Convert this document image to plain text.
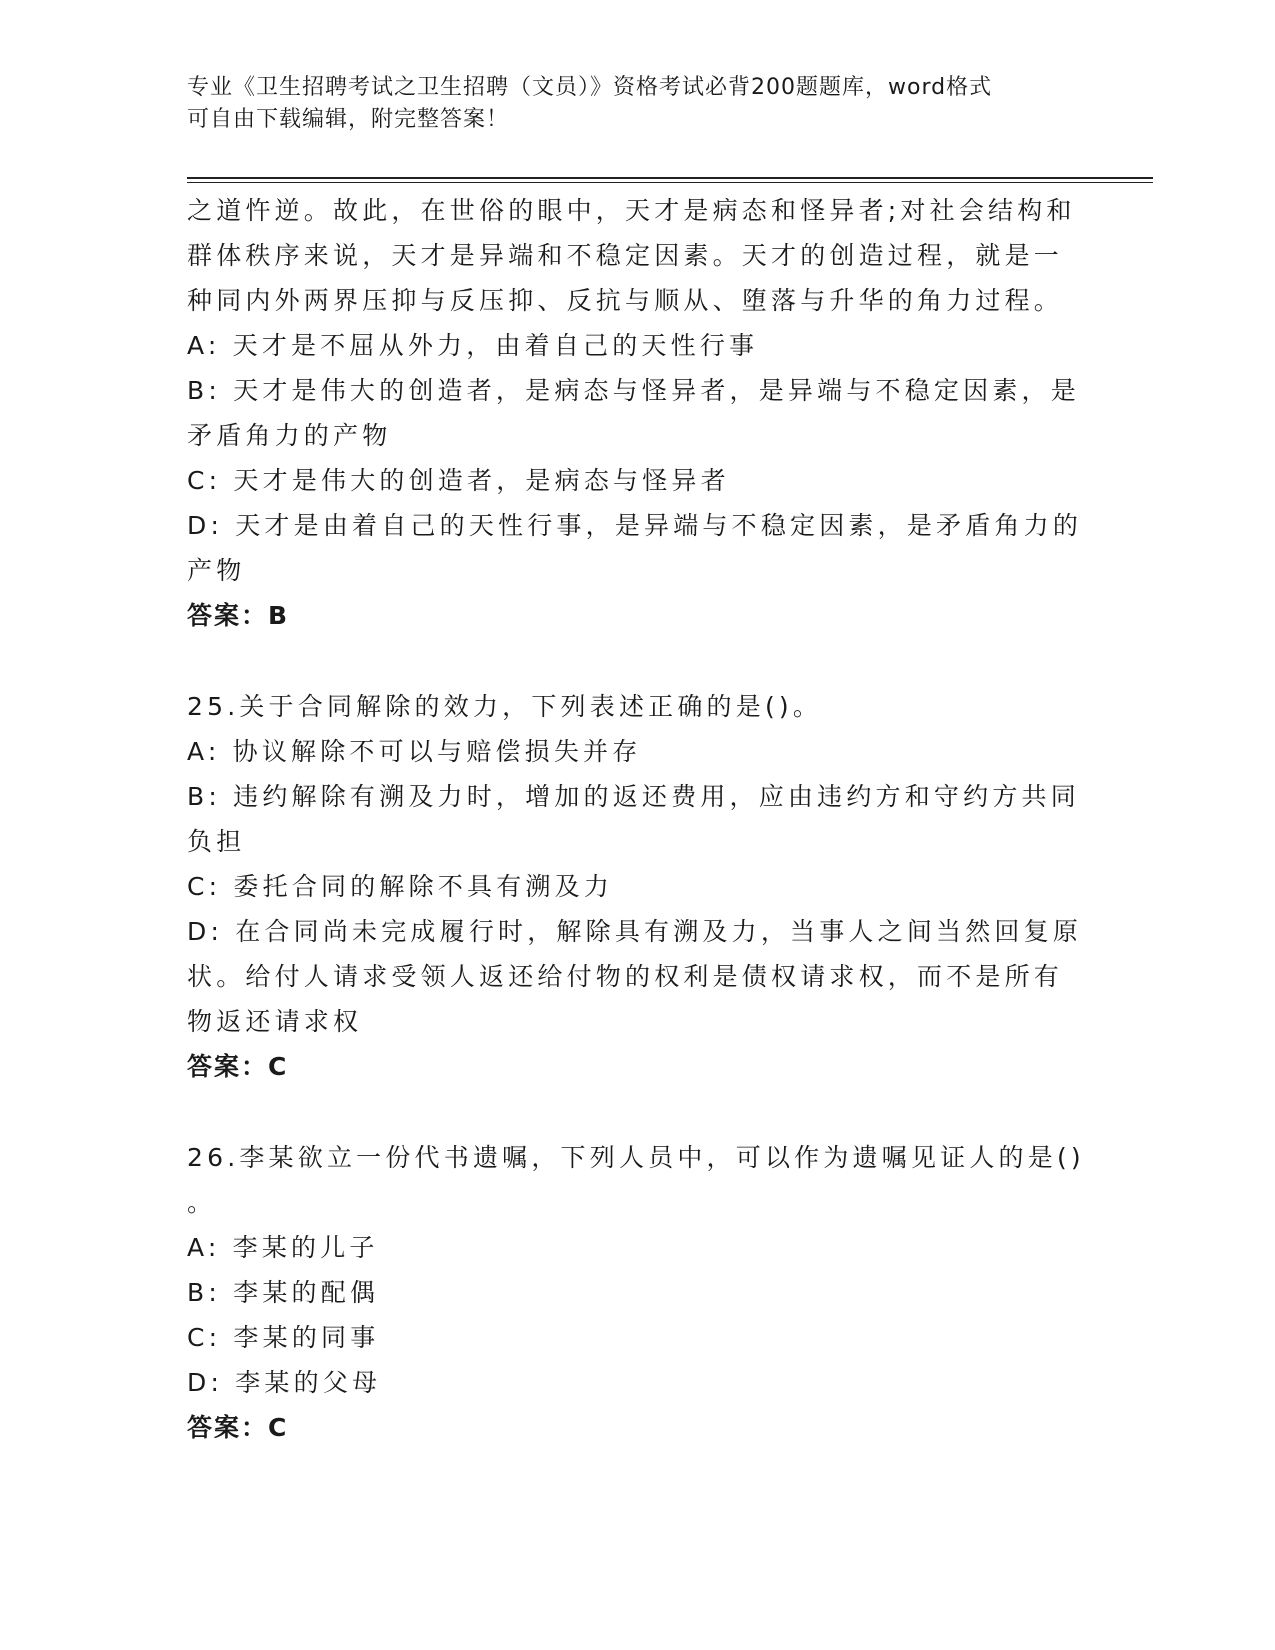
专业《卫生招聘考试之卫生招聘（文员）》资格考试必背200题题库，word格式
可自由下载编辑，附完整答案！
之道忤逆。故此，在世俗的眼中，天才是病态和怪异者;对社会结构和
群体秩序来说，天才是异端和不稳定因素。天才的创造过程，就是一
种同内外两界压抑与反压抑、反抗与顺从、堕落与升华的角力过程。
A: 天才是不屈从外力，由着自己的天性行事
B: 天才是伟大的创造者，是病态与怪异者，是异端与不稳定因素，是
矛盾角力的产物
C: 天才是伟大的创造者，是病态与怪异者
D: 天才是由着自己的天性行事，是异端与不稳定因素，是矛盾角力的
产物
答案：B
25.关于合同解除的效力，下列表述正确的是()。
A: 协议解除不可以与赔偿损失并存
B: 违约解除有溯及力时，增加的返还费用，应由违约方和守约方共同
负担
C: 委托合同的解除不具有溯及力
D: 在合同尚未完成履行时，解除具有溯及力，当事人之间当然回复原
状。给付人请求受领人返还给付物的权利是债权请求权，而不是所有
物返还请求权
答案：C
26.李某欲立一份代书遗嘱，下列人员中，可以作为遗嘱见证人的是()
。
A: 李某的儿子
B: 李某的配偶
C: 李某的同事
D: 李某的父母
答案：C
